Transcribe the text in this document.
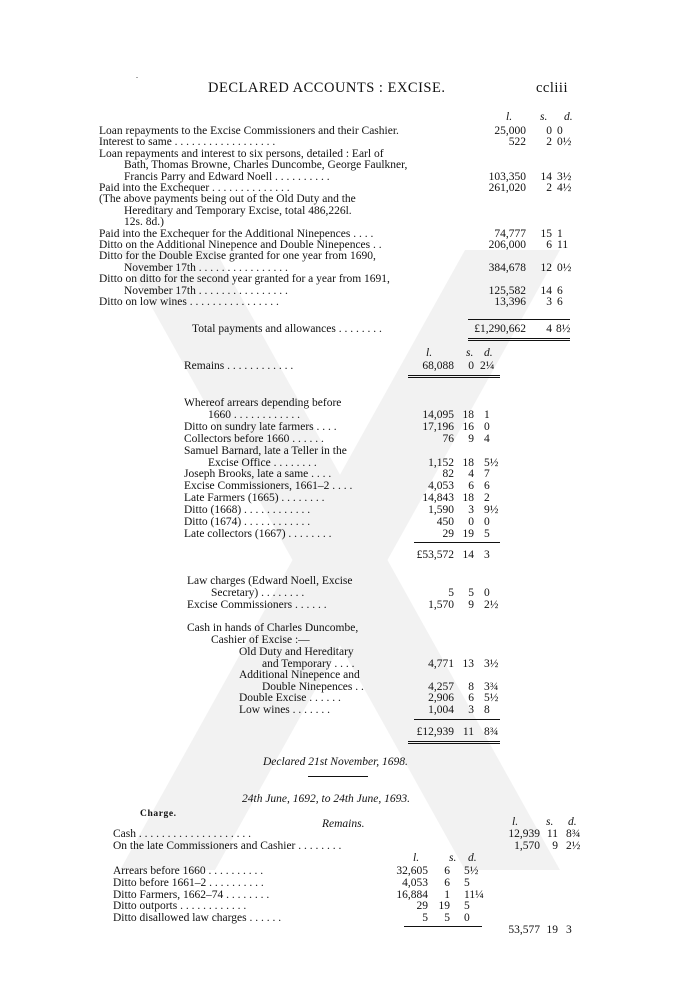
.
DECLARED ACCOUNTS : EXCISE.	ccliii
l. s. d.
Loan repayments to the Excise Commissioners and their Cashier.	25,000	0 0
Interest to same . . . . . . . . . . . . . . . . . .	522	2 0½
Loan repayments and interest to six persons, detailed : Earl of
Bath, Thomas Browne, Charles Duncombe, George Faulkner,
Francis Parry and Edward Noell . . . . . . . . . .	103,350	14 3½
Paid into the Exchequer . . . . . . . . . . . . . .	261,020	2 4½
(The above payments being out of the Old Duty and the
Hereditary and Temporary Excise, total 486,226l.
12s. 8d.)
Paid into the Exchequer for the Additional Ninepences . . . .	74,777	15 1
Ditto on the Additional Ninepence and Double Ninepences . .	206,000	6 11
Ditto for the Double Excise granted for one year from 1690,
November 17th . . . . . . . . . . . . . . . .	384,678	12 0½
Ditto on ditto for the second year granted for a year from 1691,
November 17th . . . . . . . . . . . . . . . .	125,582	14 6
Ditto on low wines . . . . . . . . . . . . . . . .	13,396	3 6
Total payments and allowances . . . . . . . .	£1,290,662	4 8½
l.	s. d.
Remains . . . . . . . . . . . .	68,088	0 2¼
Whereof arrears depending before
1660 . . . . . . . . . . . .	14,095 18 1
Ditto on sundry late farmers . . . .	17,196 16 0
Collectors before 1660 . . . . . .	76	9 4
Samuel Barnard, late a Teller in the
Excise Office . . . . . . . .	1,152 18 5½
Joseph Brooks, late a same . . . .	82	4 7
Excise Commissioners, 1661–2 . . . .	4,053	6 6
Late Farmers (1665) . . . . . . . .	14,843 18 2
Ditto (1668) . . . . . . . . . . . .	1,590	3 9½
Ditto (1674) . . . . . . . . . . . .	450	0 0
Late collectors (1667) . . . . . . . .	29 19 5
£53,572 14 3
Law charges (Edward Noell, Excise
Secretary) . . . . . . . .	5	5 0
Excise Commissioners . . . . . .	1,570	9 2½
Cash in hands of Charles Duncombe,
Cashier of Excise :—
Old Duty and Hereditary
and Temporary . . . .	4,771 13 3½
Additional Ninepence and
Double Ninepences . .	4,257	8 3¾
Double Excise . . . . . .	2,906	6 5½
Low wines . . . . . . .	1,004	3 8
£12,939 11 8¾
Declared 21st November, 1698.
24th June, 1692, to 24th June, 1693.
Charge.
Remains.	l. s. d.
Cash . . . . . . . . . . . . . . . . . . . .	12,939 11 8¾
On the late Commissioners and Cashier . . . . . . . .	1,570	9 2½
l.	s. d.
Arrears before 1660 . . . . . . . . . .	32,605	6 5½
Ditto before 1661–2 . . . . . . . . . .	4,053	6 5
Ditto Farmers, 1662–74 . . . . . . . .	16,884	1 11¼
Ditto outports . . . . . . . . . . . .	29 19 5
Ditto disallowed law charges . . . . . .	5	5 0
53,577 19 3
